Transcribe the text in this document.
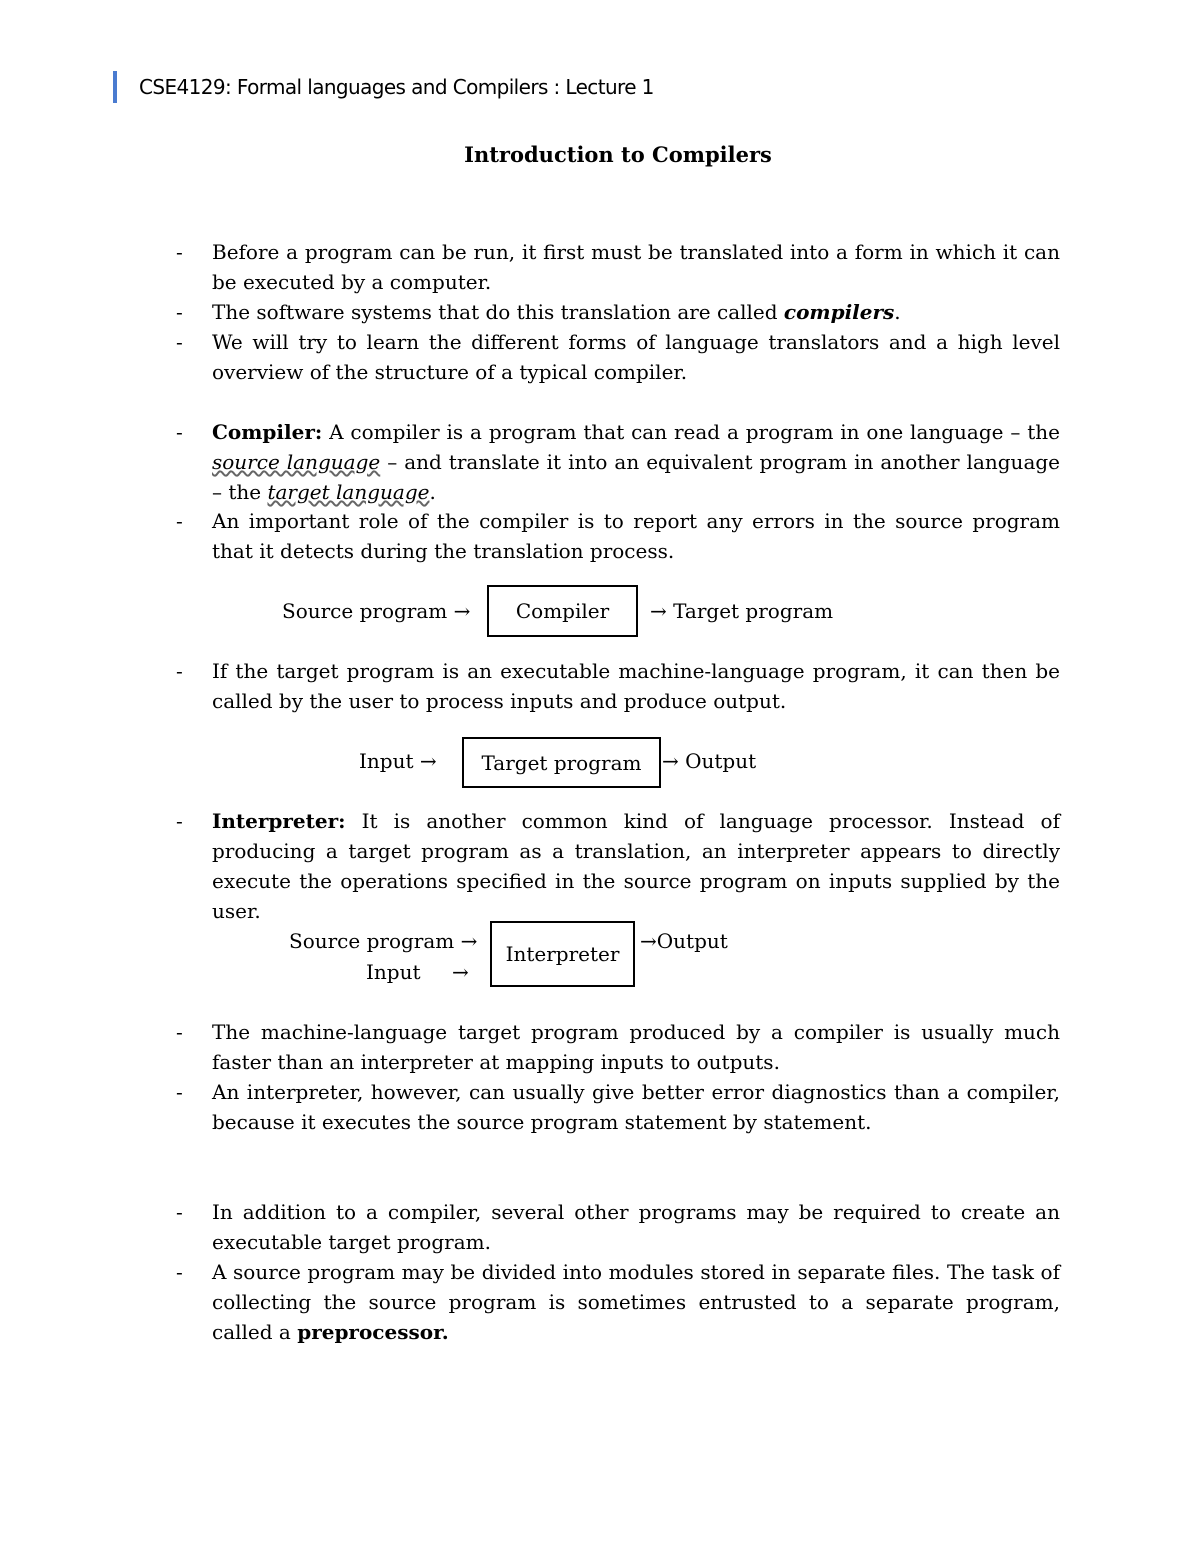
CSE4129: Formal languages and Compilers : Lecture 1
Introduction to Compilers
- Before a program can be run, it first must be translated into a form in which it can be executed by a computer.
- The software systems that do this translation are called compilers.
- We will try to learn the different forms of language translators and a high level overview of the structure of a typical compiler.
- Compiler: A compiler is a program that can read a program in one language – the source language – and translate it into an equivalent program in another language – the target language.
- An important role of the compiler is to report any errors in the source program that it detects during the translation process.
Source program → Compiler → Target program
- If the target program is an executable machine-language program, it can then be called by the user to process inputs and produce output.
Input → Target program → Output
- Interpreter: It is another common kind of language processor. Instead of producing a target program as a translation, an interpreter appears to directly execute the operations specified in the source program on inputs supplied by the user.
Source program →
Input →
Interpreter
→Output
- The machine-language target program produced by a compiler is usually much faster than an interpreter at mapping inputs to outputs.
- An interpreter, however, can usually give better error diagnostics than a compiler, because it executes the source program statement by statement.
- In addition to a compiler, several other programs may be required to create an executable target program.
- A source program may be divided into modules stored in separate files. The task of collecting the source program is sometimes entrusted to a separate program, called a preprocessor.
